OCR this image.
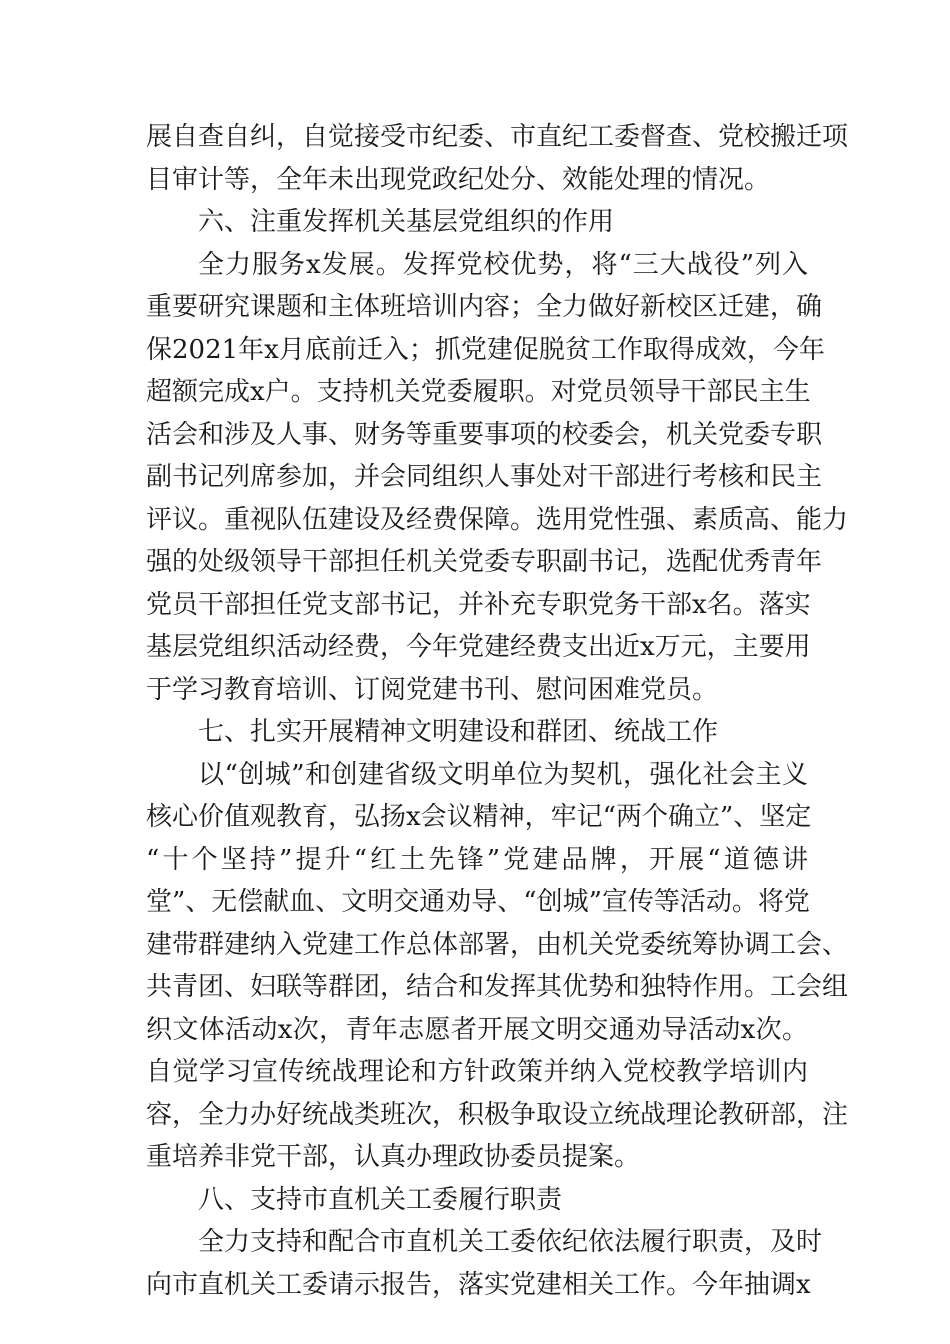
展自查自纠，自觉接受市纪委、市直纪工委督查、党校搬迁项
目审计等，全年未出现党政纪处分、效能处理的情况。
六、注重发挥机关基层党组织的作用
全力服务x发展。发挥党校优势，将“三大战役”列入
重要研究课题和主体班培训内容；全力做好新校区迁建，确
保2021年x月底前迁入；抓党建促脱贫工作取得成效，今年
超额完成x户。支持机关党委履职。对党员领导干部民主生
活会和涉及人事、财务等重要事项的校委会，机关党委专职
副书记列席参加，并会同组织人事处对干部进行考核和民主
评议。重视队伍建设及经费保障。选用党性强、素质高、能力
强的处级领导干部担任机关党委专职副书记，选配优秀青年
党员干部担任党支部书记，并补充专职党务干部x名。落实
基层党组织活动经费，今年党建经费支出近x万元，主要用
于学习教育培训、订阅党建书刊、慰问困难党员。
七、扎实开展精神文明建设和群团、统战工作
以“创城”和创建省级文明单位为契机，强化社会主义
核心价值观教育，弘扬x会议精神，牢记“两个确立”、坚定
“十个坚持”提升“红土先锋”党建品牌，开展“道德讲
堂”、无偿献血、文明交通劝导、“创城”宣传等活动。将党
建带群建纳入党建工作总体部署，由机关党委统筹协调工会、
共青团、妇联等群团，结合和发挥其优势和独特作用。工会组
织文体活动x次，青年志愿者开展文明交通劝导活动x次。
自觉学习宣传统战理论和方针政策并纳入党校教学培训内
容，全力办好统战类班次，积极争取设立统战理论教研部，注
重培养非党干部，认真办理政协委员提案。
八、支持市直机关工委履行职责
全力支持和配合市直机关工委依纪依法履行职责，及时
向市直机关工委请示报告，落实党建相关工作。今年抽调x
